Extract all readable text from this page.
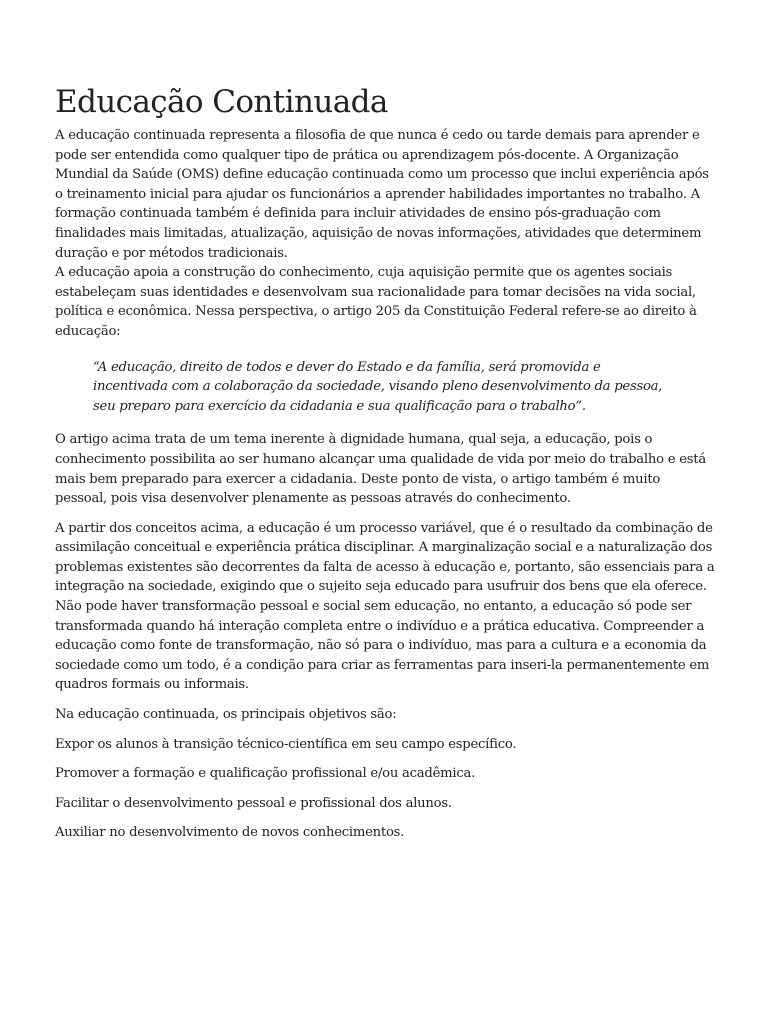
Educação Continuada

A educação continuada representa a filosofia de que nunca é cedo ou tarde demais para aprender e pode ser entendida como qualquer tipo de prática ou aprendizagem pós-docente. A Organização Mundial da Saúde (OMS) define educação continuada como um processo que inclui experiência após o treinamento inicial para ajudar os funcionários a aprender habilidades importantes no trabalho. A formação continuada também é definida para incluir atividades de ensino pós-graduação com finalidades mais limitadas, atualização, aquisição de novas informações, atividades que determinem duração e por métodos tradicionais.

A educação apoia a construção do conhecimento, cuja aquisição permite que os agentes sociais estabeleçam suas identidades e desenvolvam sua racionalidade para tomar decisões na vida social, política e econômica. Nessa perspectiva, o artigo 205 da Constituição Federal refere-se ao direito à educação:

“A educação, direito de todos e dever do Estado e da família, será promovida e incentivada com a colaboração da sociedade, visando pleno desenvolvimento da pessoa, seu preparo para exercício da cidadania e sua qualificação para o trabalho”.

O artigo acima trata de um tema inerente à dignidade humana, qual seja, a educação, pois o conhecimento possibilita ao ser humano alcançar uma qualidade de vida por meio do trabalho e está mais bem preparado para exercer a cidadania. Deste ponto de vista, o artigo também é muito pessoal, pois visa desenvolver plenamente as pessoas através do conhecimento.

A partir dos conceitos acima, a educação é um processo variável, que é o resultado da combinação de assimilação conceitual e experiência prática disciplinar. A marginalização social e a naturalização dos problemas existentes são decorrentes da falta de acesso à educação e, portanto, são essenciais para a integração na sociedade, exigindo que o sujeito seja educado para usufruir dos bens que ela oferece. Não pode haver transformação pessoal e social sem educação, no entanto, a educação só pode ser transformada quando há interação completa entre o indivíduo e a prática educativa. Compreender a educação como fonte de transformação, não só para o indivíduo, mas para a cultura e a economia da sociedade como um todo, é a condição para criar as ferramentas para inseri-la permanentemente em quadros formais ou informais.

Na educação continuada, os principais objetivos são:

Expor os alunos à transição técnico-científica em seu campo específico.

Promover a formação e qualificação profissional e/ou acadêmica.

Facilitar o desenvolvimento pessoal e profissional dos alunos.

Auxiliar no desenvolvimento de novos conhecimentos.
